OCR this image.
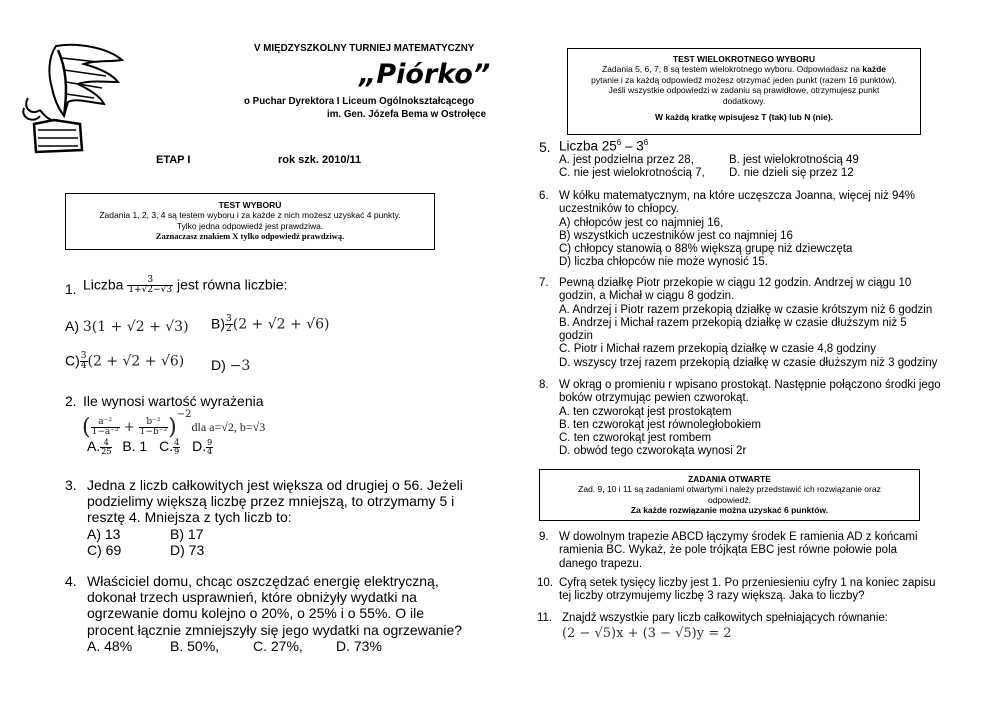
V MIĘDZYSZKOLNY TURNIEJ MATEMATYCZNY
„Piórko”
o Puchar Dyrektora I Liceum Ogólnokształcącego
im. Gen. Józefa Bema w Ostrołęce
ETAP I	rok szk. 2010/11
TEST WYBORU
Zadania 1, 2, 3, 4 są testem wyboru i za każde z nich możesz uzyskać 4 punkty.
Tylko jedna odpowiedź jest prawdziwa.
Zaznaczasz znakiem X tylko odpowiedź prawdziwą.
1. Liczba $\frac{3}{1+√2-√3}$ jest równa liczbie:
A) 3(1 + √2 + √3) $B) \frac{3}{2} (2 + √2 + √6)$
$C) \frac{3}{4} (2 + √2 + √6)$ D) −3
2. Ile wynosi wartość wyrażenia
( $\frac{\text{a⁻²}}{\text{1−a⁻²}} + \frac{\text{b⁻²}}{\text{1−b⁻²}} )^{-2}dla$ a=√2, b=√3
A. $\frac{4}{25} B$. 1 C. $\frac{4}{9} D$. $\frac{9}{4}$
3. Jedna z liczb całkowitych jest większa od drugiej o 56. Jeżeli
podzielimy większą liczbę przez mniejszą, to otrzymamy 5 i
resztę 4. Mniejsza z tych liczb to:
A) 13	B) 17
C) 69	D) 73
4. Właściciel domu, chcąc oszczędzać energię elektryczną,
dokonał trzech usprawnień, które obniżyły wydatki na
ogrzewanie domu kolejno o 20%, o 25% i o 55%. O ile
procent łącznie zmniejszyły się jego wydatki na ogrzewanie?
A. 48%	B. 50%, C. 27%, D. 73%
TEST WIELOKROTNEGO WYBORU
Zadania 5, 6, 7, 8 są testem wielokrotnego wyboru. Odpowiadasz na każde
pytanie i za każdą odpowiedź możesz otrzymać jeden punkt (razem 16 punktów).
Jeśli wszystkie odpowiedzi w zadaniu są prawidłowe, otrzymujesz punkt
dodatkowy.
W każdą kratkę wpisujesz T (tak) lub N (nie).
5. Liczba $25^6 - 3^6$
A. jest podzielna przez 28,	B. jest wielokrotnością 49
C. nie jest wielokrotnością 7, D. nie dzieli się przez 12
6. W kółku matematycznym, na które uczęszcza Joanna, więcej niż 94%
uczestników to chłopcy.
A) chłopców jest co najmniej 16,
B) wszystkich uczestników jest co najmniej 16
C) chłopcy stanowią o 88% większą grupę niż dziewczęta
D) liczba chłopców nie może wynosić 15.
7. Pewną działkę Piotr przekopie w ciągu 12 godzin. Andrzej w ciągu 10
godzin, a Michał w ciągu 8 godzin.
A. Andrzej i Piotr razem przekopią działkę w czasie krótszym niż 6 godzin
B. Andrzej i Michał razem przekopią działkę w czasie dłuższym niż 5
godzin
C. Piotr i Michał razem przekopią działkę w czasie 4,8 godziny
D. wszyscy trzej razem przekopią działkę w czasie dłuższym niż 3 godziny
8. W okrąg o promieniu r wpisano prostokąt. Następnie połączono środki jego
boków otrzymując pewien czworokąt.
A. ten czworokąt jest prostokątem
B. ten czworokąt jest równoległobokiem
C. ten czworokąt jest rombem
D. obwód tego czworokąta wynosi 2r
ZADANIA OTWARTE
Zad. 9, 10 i 11 są zadaniami otwartymi i należy przedstawić ich rozwiązanie oraz
odpowiedź.
Za każde rozwiązanie można uzyskać 6 punktów.
9. W dowolnym trapezie ABCD łączymy środek E ramienia AD z końcami
ramienia BC. Wykaż, że pole trójkąta EBC jest równe połowie pola
danego trapezu.
10. Cyfrą setek tysięcy liczby jest 1. Po przeniesieniu cyfry 1 na koniec zapisu
tej liczby otrzymujemy liczbę 3 razy większą. Jaka to liczby?
11. Znajdź wszystkie pary liczb całkowitych spełniających równanie:
(2 − √5)x + (3 − √5)y = 2
